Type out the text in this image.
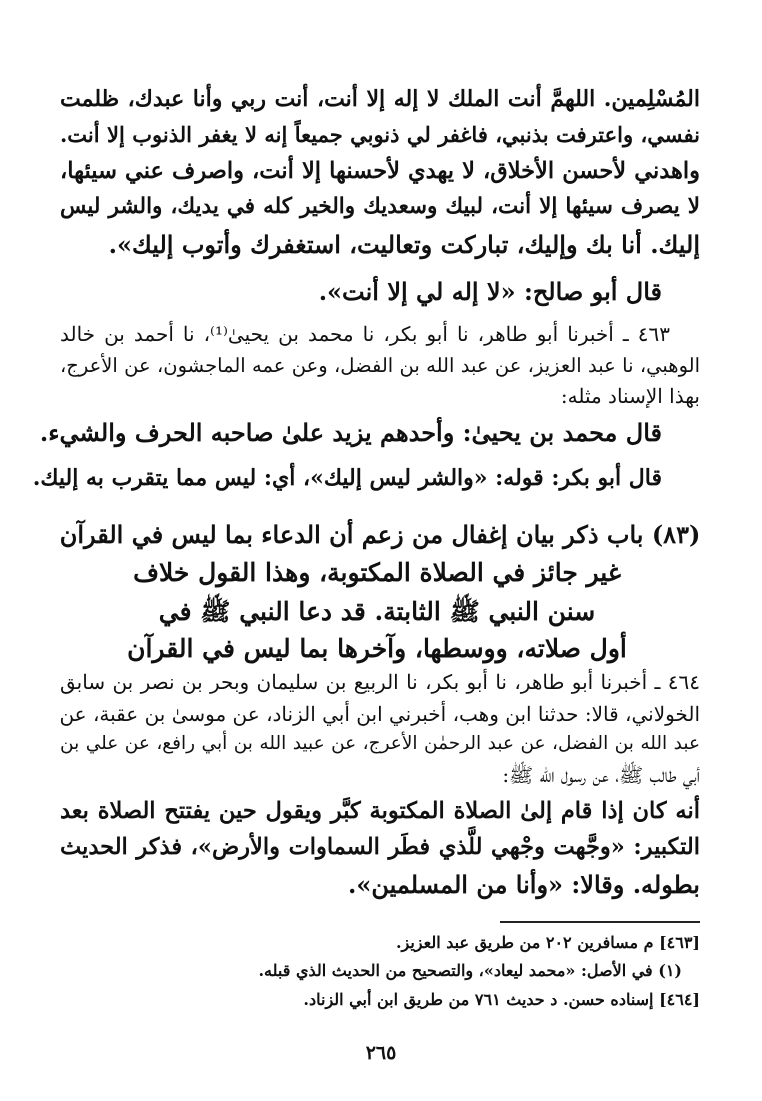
المُسْلِمين. اللهمَّ أنت الملك لا إله إلا أنت، أنت ربي وأنا عبدك، ظلمت
نفسي، واعترفت بذنبي، فاغفر لي ذنوبي جميعاً إنه لا يغفر الذنوب إلا أنت.
واهدني لأحسن الأخلاق، لا يهدي لأحسنها إلا أنت، واصرف عني سيئها،
لا يصرف سيئها إلا أنت، لبيك وسعديك والخير كله في يديك، والشر ليس
إليك. أنا بك وإليك، تباركت وتعاليت، استغفرك وأتوب إليك».
قال أبو صالح: «لا إله لي إلا أنت».
٤٦٣ ـ أخبرنا أبو طاهر، نا أبو بكر، نا محمد بن يحيىٰ⁽¹⁾، نا أحمد بن خالد
الوهبي، نا عبد العزيز، عن عبد الله بن الفضل، وعن عمه الماجشون، عن الأعرج،
بهذا الإسناد مثله:
قال محمد بن يحيىٰ: وأحدهم يزيد علىٰ صاحبه الحرف والشيء.
قال أبو بكر: قوله: «والشر ليس إليك»، أي: ليس مما يتقرب به إليك.
(٨٣) باب ذكر بيان إغفال من زعم أن الدعاء بما ليس في القرآن
غير جائز في الصلاة المكتوبة، وهذا القول خلاف
سنن النبي ﷺ الثابتة. قد دعا النبي ﷺ في
أول صلاته، ووسطها، وآخرها بما ليس في القرآن
٤٦٤ ـ أخبرنا أبو طاهر، نا أبو بكر، نا الربيع بن سليمان وبحر بن نصر بن سابق
الخولاني، قالا: حدثنا ابن وهب، أخبرني ابن أبي الزناد، عن موسىٰ بن عقبة، عن
عبد الله بن الفضل، عن عبد الرحمٰن الأعرج، عن عبيد الله بن أبي رافع، عن علي بن
أبي طالب ﷺ، عن رسول الله ﷺ:
أنه كان إذا قام إلىٰ الصلاة المكتوبة كبَّر ويقول حين يفتتح الصلاة بعد
التكبير: «وجَّهت وجْهي للَّذي فطَر السماوات والأرض»، فذكر الحديث
بطوله. وقالا: «وأنا من المسلمين».
[٤٦٣] م مسافرين ٢٠٢ من طريق عبد العزيز.
(١) في الأصل: «محمد ليعاد»، والتصحيح من الحديث الذي قبله.
[٤٦٤] إسناده حسن. د حديث ٧٦١ من طريق ابن أبي الزناد.
٢٦٥
